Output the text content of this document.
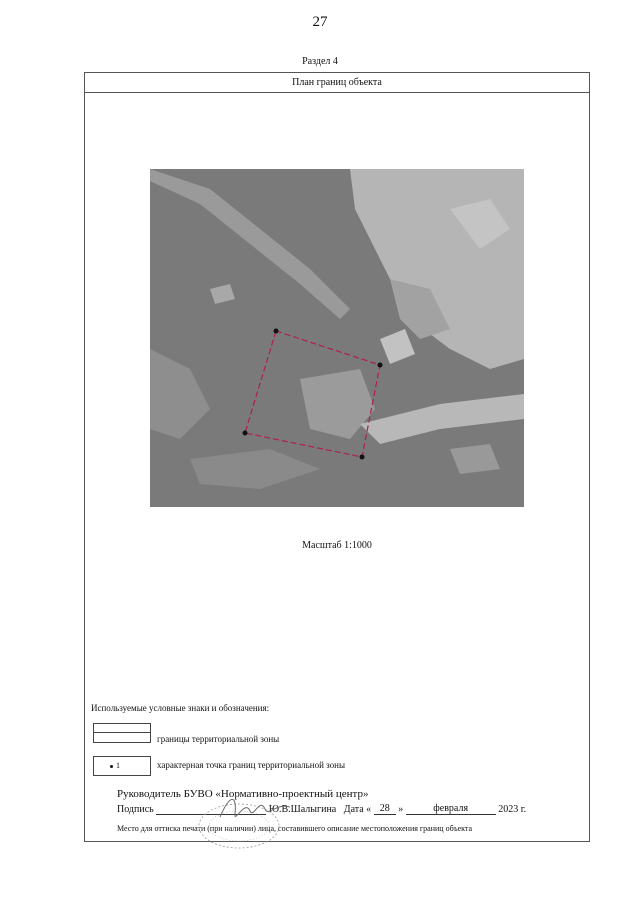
27
Раздел 4
План границ объекта
Масштаб 1:1000
Используемые условные знаки и обозначения:
границы территориальной зоны
1	характерная точка границ территориальной зоны
Руководитель БУВО «Нормативно-проектный центр»
Подпись	Ю.В.Шалыгина Дата « 28 »	февраля	2023 г.
Место для оттиска печати (при наличии) лица, составившего описание местоположения границ объекта
